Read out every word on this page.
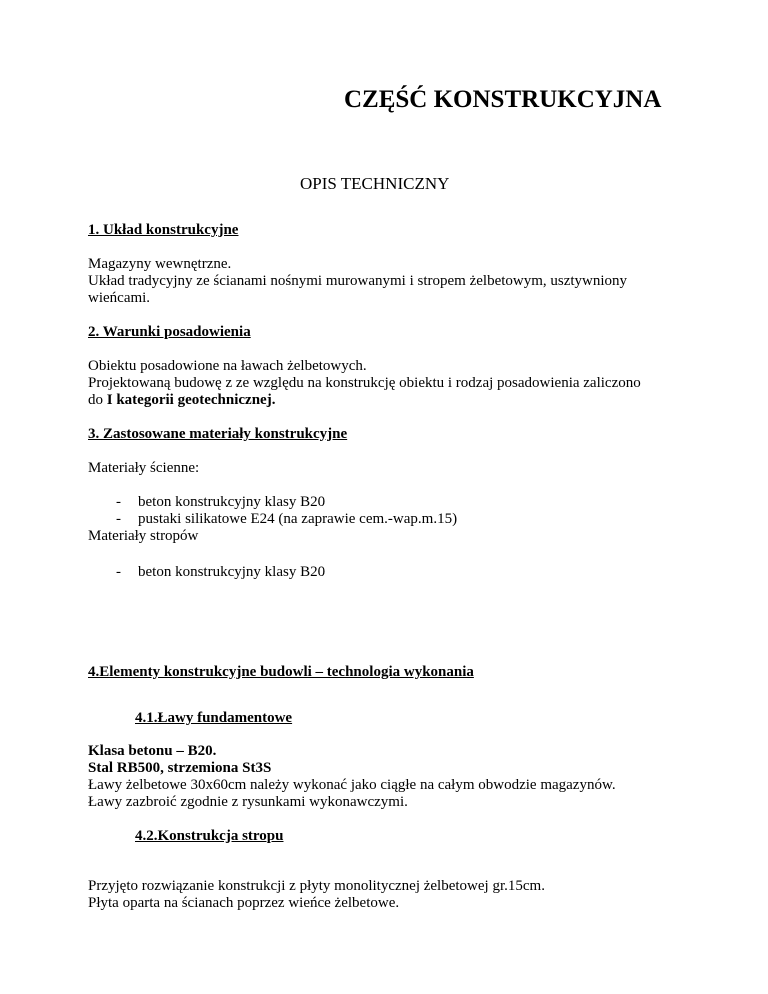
CZĘŚĆ KONSTRUKCYJNA
OPIS TECHNICZNY
1. Układ konstrukcyjne
Magazyny wewnętrzne.
Układ tradycyjny ze ścianami nośnymi murowanymi i stropem żelbetowym, usztywniony
wieńcami.
2. Warunki posadowienia
Obiektu posadowione na ławach żelbetowych.
Projektowaną budowę z ze względu na konstrukcję obiektu i rodzaj posadowienia zaliczono
do I kategorii geotechnicznej.
3. Zastosowane materiały konstrukcyjne
Materiały ścienne:
- beton konstrukcyjny klasy B20
- pustaki silikatowe E24 (na zaprawie cem.-wap.m.15)
Materiały stropów
- beton konstrukcyjny klasy B20
4.Elementy konstrukcyjne budowli – technologia wykonania
4.1.Ławy fundamentowe
Klasa betonu – B20.
Stal RB500, strzemiona St3S
Ławy żelbetowe 30x60cm należy wykonać jako ciągłe na całym obwodzie magazynów.
Ławy zazbroić zgodnie z rysunkami wykonawczymi.
4.2.Konstrukcja stropu
Przyjęto rozwiązanie konstrukcji z płyty monolitycznej żelbetowej gr.15cm.
Płyta oparta na ścianach poprzez wieńce żelbetowe.
